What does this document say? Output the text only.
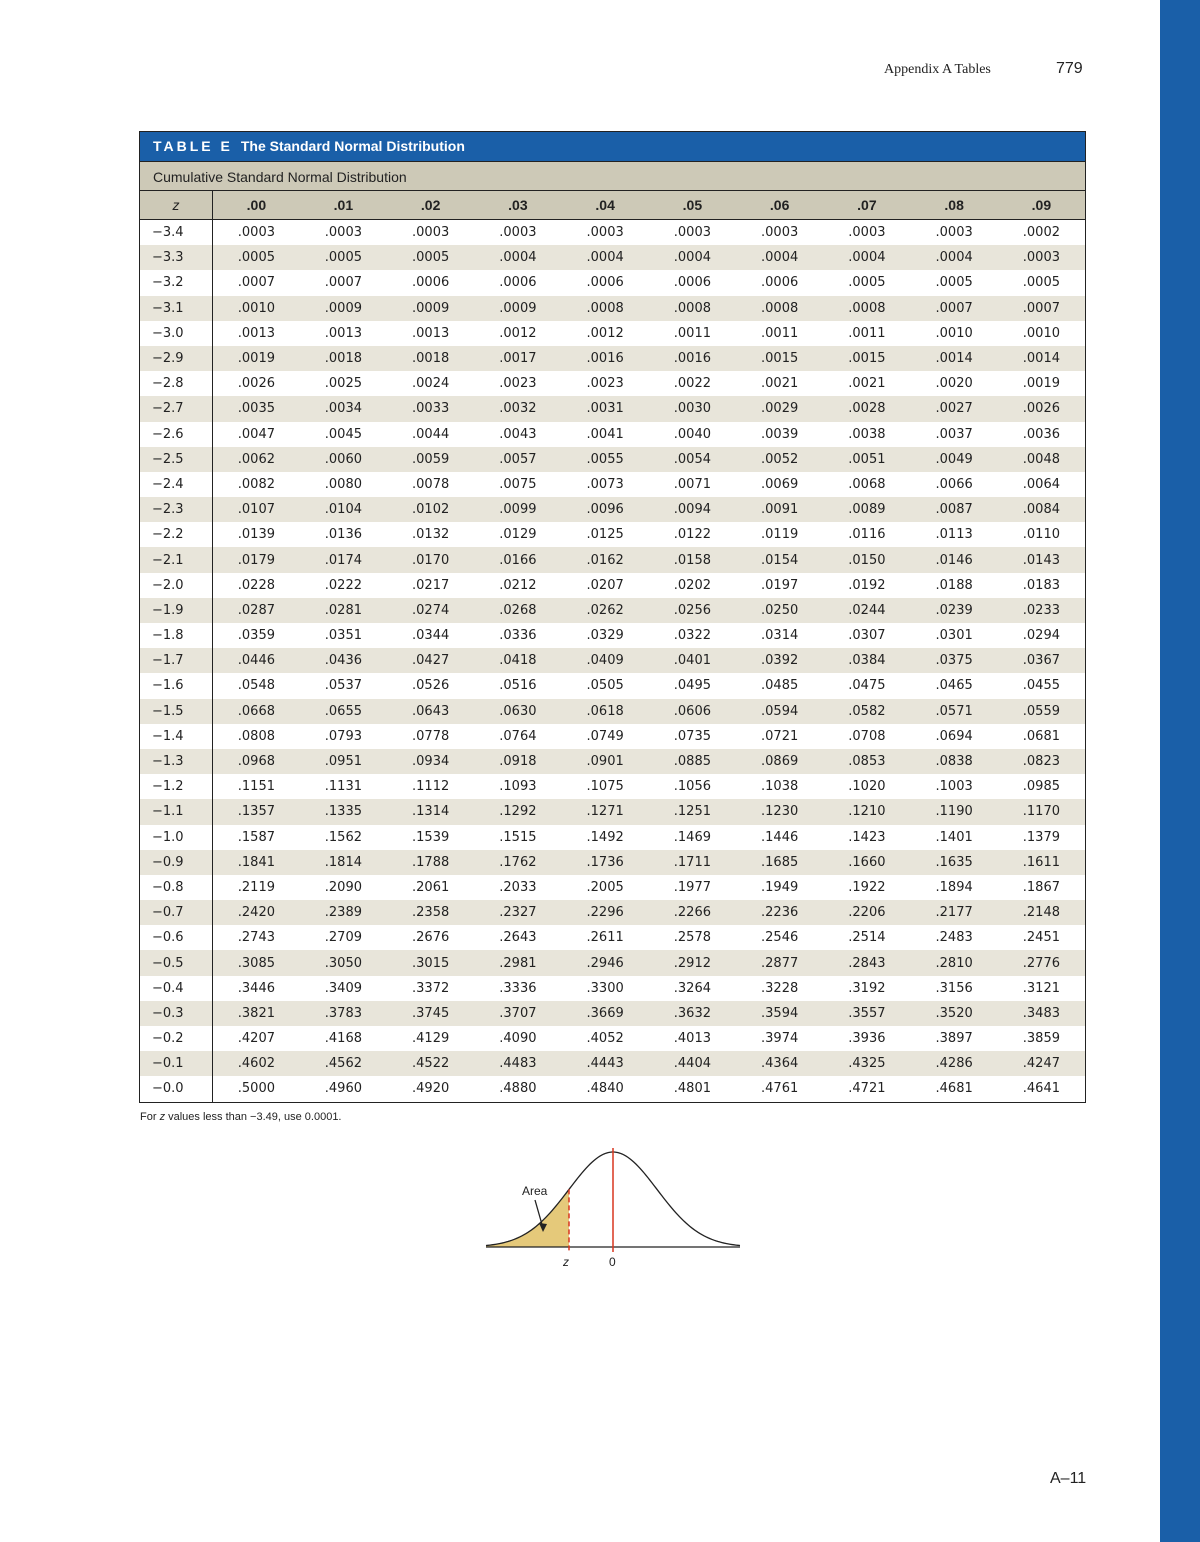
Appendix A Tables	779
TABLE E The Standard Normal Distribution
Cumulative Standard Normal Distribution
z	.00	.01	.02	.03	.04	.05	.06	.07	.08	.09
−3.4	.0003	.0003	.0003	.0003	.0003	.0003	.0003	.0003	.0003	.0002
−3.3	.0005	.0005	.0005	.0004	.0004	.0004	.0004	.0004	.0004	.0003
−3.2	.0007	.0007	.0006	.0006	.0006	.0006	.0006	.0005	.0005	.0005
−3.1	.0010	.0009	.0009	.0009	.0008	.0008	.0008	.0008	.0007	.0007
−3.0	.0013	.0013	.0013	.0012	.0012	.0011	.0011	.0011	.0010	.0010
−2.9	.0019	.0018	.0018	.0017	.0016	.0016	.0015	.0015	.0014	.0014
−2.8	.0026	.0025	.0024	.0023	.0023	.0022	.0021	.0021	.0020	.0019
−2.7	.0035	.0034	.0033	.0032	.0031	.0030	.0029	.0028	.0027	.0026
−2.6	.0047	.0045	.0044	.0043	.0041	.0040	.0039	.0038	.0037	.0036
−2.5	.0062	.0060	.0059	.0057	.0055	.0054	.0052	.0051	.0049	.0048
−2.4	.0082	.0080	.0078	.0075	.0073	.0071	.0069	.0068	.0066	.0064
−2.3	.0107	.0104	.0102	.0099	.0096	.0094	.0091	.0089	.0087	.0084
−2.2	.0139	.0136	.0132	.0129	.0125	.0122	.0119	.0116	.0113	.0110
−2.1	.0179	.0174	.0170	.0166	.0162	.0158	.0154	.0150	.0146	.0143
−2.0	.0228	.0222	.0217	.0212	.0207	.0202	.0197	.0192	.0188	.0183
−1.9	.0287	.0281	.0274	.0268	.0262	.0256	.0250	.0244	.0239	.0233
−1.8	.0359	.0351	.0344	.0336	.0329	.0322	.0314	.0307	.0301	.0294
−1.7	.0446	.0436	.0427	.0418	.0409	.0401	.0392	.0384	.0375	.0367
−1.6	.0548	.0537	.0526	.0516	.0505	.0495	.0485	.0475	.0465	.0455
−1.5	.0668	.0655	.0643	.0630	.0618	.0606	.0594	.0582	.0571	.0559
−1.4	.0808	.0793	.0778	.0764	.0749	.0735	.0721	.0708	.0694	.0681
−1.3	.0968	.0951	.0934	.0918	.0901	.0885	.0869	.0853	.0838	.0823
−1.2	.1151	.1131	.1112	.1093	.1075	.1056	.1038	.1020	.1003	.0985
−1.1	.1357	.1335	.1314	.1292	.1271	.1251	.1230	.1210	.1190	.1170
−1.0	.1587	.1562	.1539	.1515	.1492	.1469	.1446	.1423	.1401	.1379
−0.9	.1841	.1814	.1788	.1762	.1736	.1711	.1685	.1660	.1635	.1611
−0.8	.2119	.2090	.2061	.2033	.2005	.1977	.1949	.1922	.1894	.1867
−0.7	.2420	.2389	.2358	.2327	.2296	.2266	.2236	.2206	.2177	.2148
−0.6	.2743	.2709	.2676	.2643	.2611	.2578	.2546	.2514	.2483	.2451
−0.5	.3085	.3050	.3015	.2981	.2946	.2912	.2877	.2843	.2810	.2776
−0.4	.3446	.3409	.3372	.3336	.3300	.3264	.3228	.3192	.3156	.3121
−0.3	.3821	.3783	.3745	.3707	.3669	.3632	.3594	.3557	.3520	.3483
−0.2	.4207	.4168	.4129	.4090	.4052	.4013	.3974	.3936	.3897	.3859
−0.1	.4602	.4562	.4522	.4483	.4443	.4404	.4364	.4325	.4286	.4247
−0.0	.5000	.4960	.4920	.4880	.4840	.4801	.4761	.4721	.4681	.4641
For z values less than −3.49, use 0.0001.
Area
z	0
A–11
